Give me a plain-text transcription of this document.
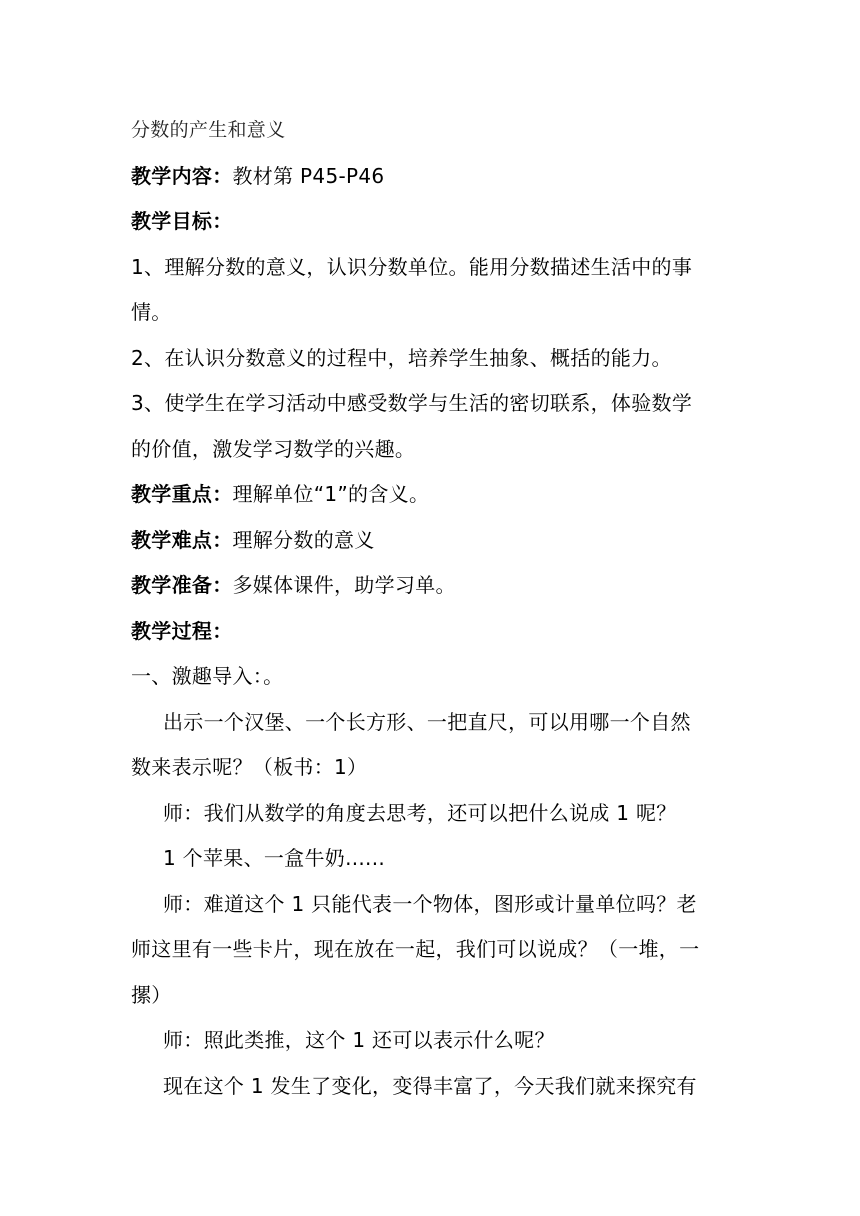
分数的产生和意义
教学内容：教材第 P45-P46
教学目标：
1、理解分数的意义，认识分数单位。能用分数描述生活中的事
情。
2、在认识分数意义的过程中，培养学生抽象、概括的能力。
3、使学生在学习活动中感受数学与生活的密切联系，体验数学
的价值，激发学习数学的兴趣。
教学重点：理解单位“1”的含义。
教学难点：理解分数的意义
教学准备：多媒体课件，助学习单。
教学过程：
一、激趣导入：。
出示一个汉堡、一个长方形、一把直尺，可以用哪一个自然
数来表示呢？（板书：1）
师：我们从数学的角度去思考，还可以把什么说成 1 呢？
1 个苹果、一盒牛奶......
师：难道这个 1 只能代表一个物体，图形或计量单位吗？老
师这里有一些卡片，现在放在一起，我们可以说成？（一堆，一
摞）
师：照此类推，这个 1 还可以表示什么呢？
现在这个 1 发生了变化，变得丰富了，今天我们就来探究有
